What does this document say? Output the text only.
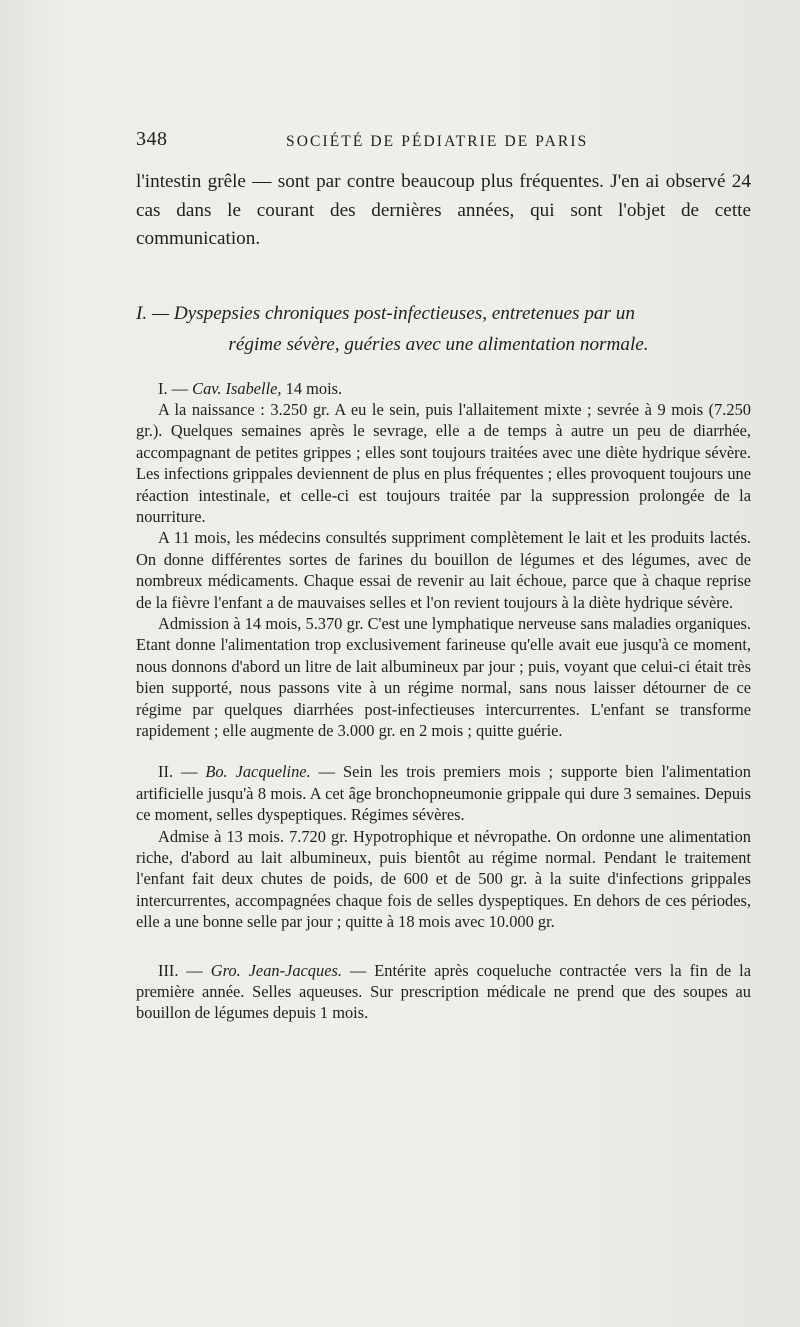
348	SOCIÉTÉ DE PÉDIATRIE DE PARIS

l'intestin grêle — sont par contre beaucoup plus fréquentes. J'en ai observé 24 cas dans le courant des dernières années, qui sont l'objet de cette communication.

I. — Dyspepsies chroniques post-infectieuses, entretenues par un
régime sévère, guéries avec une alimentation normale.

I. — Cav. Isabelle, 14 mois.

A la naissance : 3.250 gr. A eu le sein, puis l'allaitement mixte ; sevrée à 9 mois (7.250 gr.). Quelques semaines après le sevrage, elle a de temps à autre un peu de diarrhée, accompagnant de petites grippes ; elles sont toujours traitées avec une diète hydrique sévère. Les infections grippales deviennent de plus en plus fréquentes ; elles provoquent toujours une réaction intestinale, et celle-ci est toujours traitée par la suppression prolongée de la nourriture.

A 11 mois, les médecins consultés suppriment complètement le lait et les produits lactés. On donne différentes sortes de farines du bouillon de légumes et des légumes, avec de nombreux médicaments. Chaque essai de revenir au lait échoue, parce que à chaque reprise de la fièvre l'enfant a de mauvaises selles et l'on revient toujours à la diète hydrique sévère.

Admission à 14 mois, 5.370 gr. C'est une lymphatique nerveuse sans maladies organiques. Etant donne l'alimentation trop exclusivement farineuse qu'elle avait eue jusqu'à ce moment, nous donnons d'abord un litre de lait albumineux par jour ; puis, voyant que celui-ci était très bien supporté, nous passons vite à un régime normal, sans nous laisser détourner de ce régime par quelques diarrhées post-infectieuses intercurrentes. L'enfant se transforme rapidement ; elle augmente de 3.000 gr. en 2 mois ; quitte guérie.

II. — Bo. Jacqueline. — Sein les trois premiers mois ; supporte bien l'alimentation artificielle jusqu'à 8 mois. A cet âge bronchopneumonie grippale qui dure 3 semaines. Depuis ce moment, selles dyspeptiques. Régimes sévères.

Admise à 13 mois. 7.720 gr. Hypotrophique et névropathe. On ordonne une alimentation riche, d'abord au lait albumineux, puis bientôt au régime normal. Pendant le traitement l'enfant fait deux chutes de poids, de 600 et de 500 gr. à la suite d'infections grippales intercurrentes, accompagnées chaque fois de selles dyspeptiques. En dehors de ces périodes, elle a une bonne selle par jour ; quitte à 18 mois avec 10.000 gr.

III. — Gro. Jean-Jacques. — Entérite après coqueluche contractée vers la fin de la première année. Selles aqueuses. Sur prescription médicale ne prend que des soupes au bouillon de légumes depuis 1 mois.
